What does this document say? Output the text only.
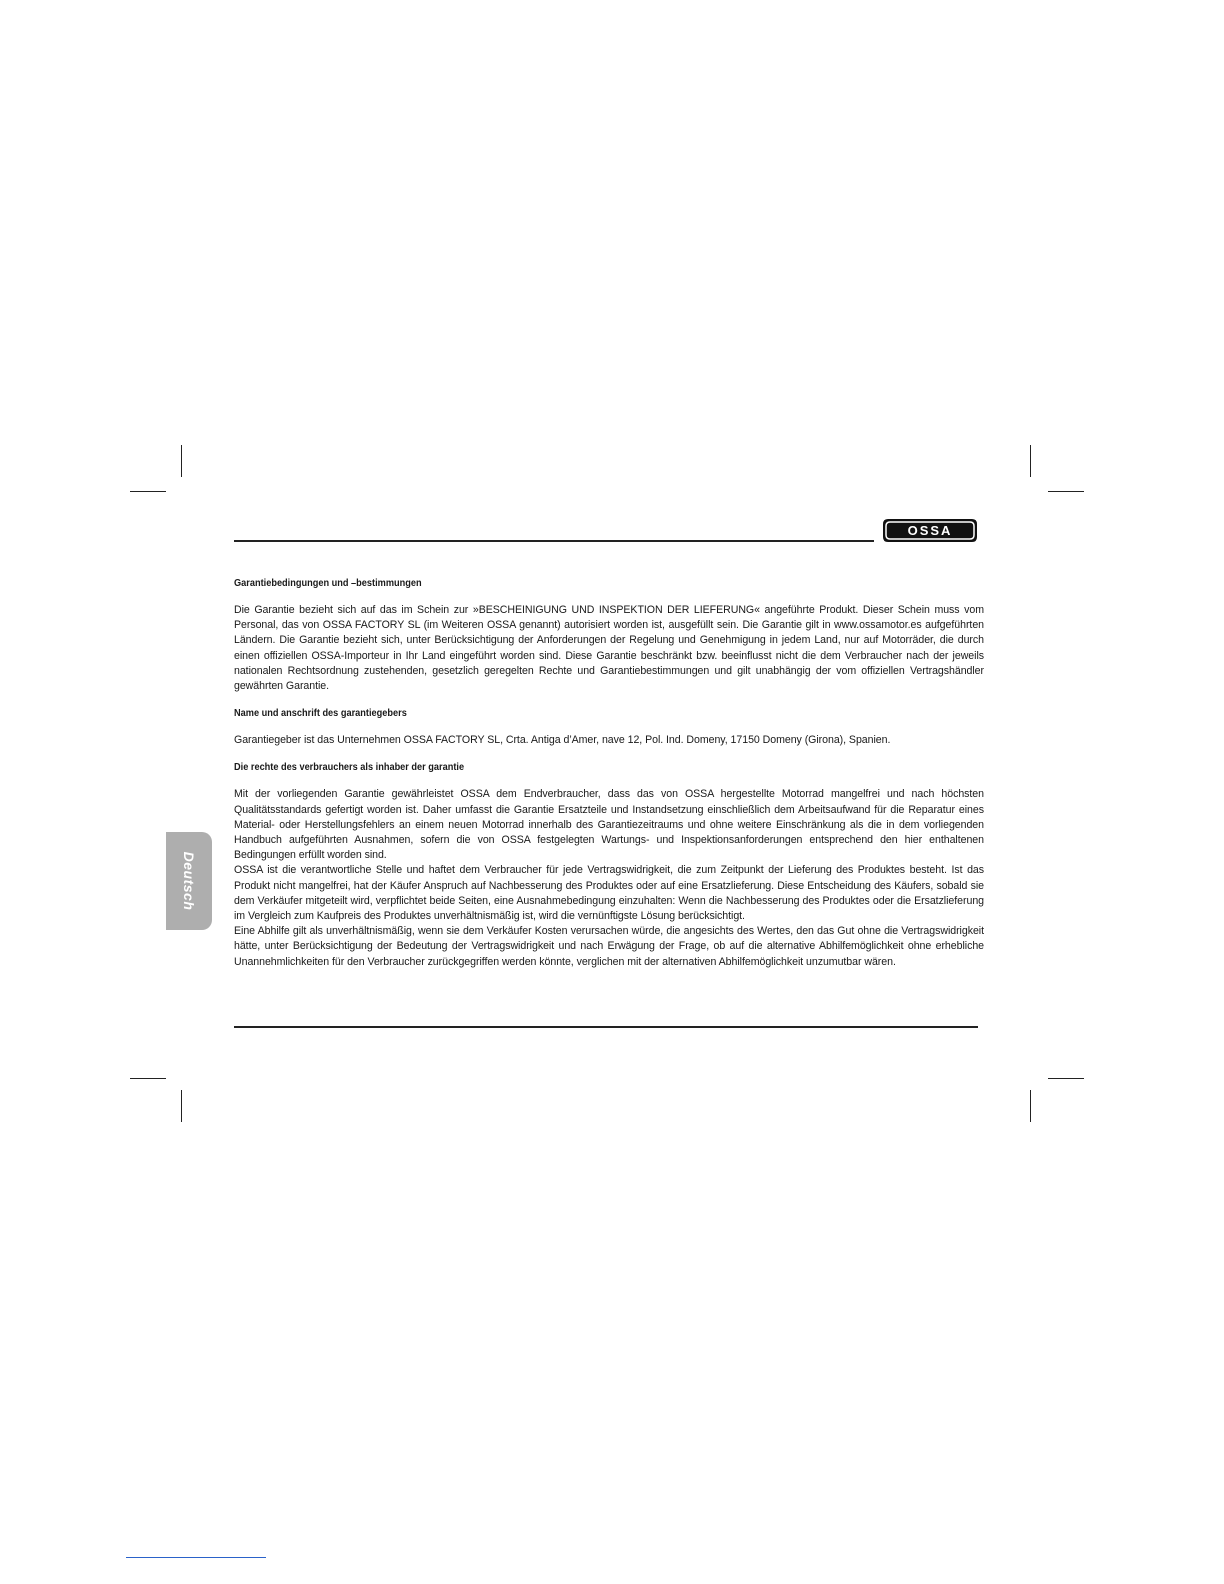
OSSA
Deutsch
Garantiebedingungen und –bestimmungen

Die Garantie bezieht sich auf das im Schein zur »BESCHEINIGUNG UND INSPEKTION DER LIEFERUNG« angeführte Produkt. Dieser Schein muss vom Personal, das von OSSA FACTORY SL (im Weiteren OSSA genannt) autorisiert worden ist, ausgefüllt sein. Die Garantie gilt in www.ossamotor.es aufgeführten Ländern. Die Garantie bezieht sich, unter Berücksichtigung der Anforderungen der Regelung und Genehmigung in jedem Land, nur auf Motorräder, die durch einen offiziellen OSSA-Importeur in Ihr Land eingeführt worden sind. Diese Garantie beschränkt bzw. beeinflusst nicht die dem Verbraucher nach der jeweils nationalen Rechtsordnung zustehenden, gesetzlich geregelten Rechte und Garantiebestimmungen und gilt unabhängig der vom offiziellen Vertragshändler gewährten Garantie.

Name und anschrift des garantiegebers

Garantiegeber ist das Unternehmen OSSA FACTORY SL, Crta. Antiga d’Amer, nave 12, Pol. Ind. Domeny, 17150 Domeny (Girona), Spanien.

Die rechte des verbrauchers als inhaber der garantie

Mit der vorliegenden Garantie gewährleistet OSSA dem Endverbraucher, dass das von OSSA hergestellte Motorrad mangelfrei und nach höchsten Qualitätsstandards gefertigt worden ist. Daher umfasst die Garantie Ersatzteile und Instandsetzung einschließlich dem Arbeitsaufwand für die Reparatur eines Material- oder Herstellungsfehlers an einem neuen Motorrad innerhalb des Garantiezeitraums und ohne weitere Einschränkung als die in dem vorliegenden Handbuch aufgeführten Ausnahmen, sofern die von OSSA festgelegten Wartungs- und Inspektionsanforderungen entsprechend den hier enthaltenen Bedingungen erfüllt worden sind.

OSSA ist die verantwortliche Stelle und haftet dem Verbraucher für jede Vertragswidrigkeit, die zum Zeitpunkt der Lieferung des Produktes besteht. Ist das Produkt nicht mangelfrei, hat der Käufer Anspruch auf Nachbesserung des Produktes oder auf eine Ersatzlieferung. Diese Entscheidung des Käufers, sobald sie dem Verkäufer mitgeteilt wird, verpflichtet beide Seiten, eine Ausnahmebedingung einzuhalten: Wenn die Nachbesserung des Produktes oder die Ersatzlieferung im Vergleich zum Kaufpreis des Produktes unverhältnismäßig ist, wird die vernünftigste Lösung berücksichtigt.

Eine Abhilfe gilt als unverhältnismäßig, wenn sie dem Verkäufer Kosten verursachen würde, die angesichts des Wertes, den das Gut ohne die Vertragswidrigkeit hätte, unter Berücksichtigung der Bedeutung der Vertragswidrigkeit und nach Erwägung der Frage, ob auf die alternative Abhilfemöglichkeit ohne erhebliche Unannehmlichkeiten für den Verbraucher zurückgegriffen werden könnte, verglichen mit der alternativen Abhilfemöglichkeit unzumutbar wären.
